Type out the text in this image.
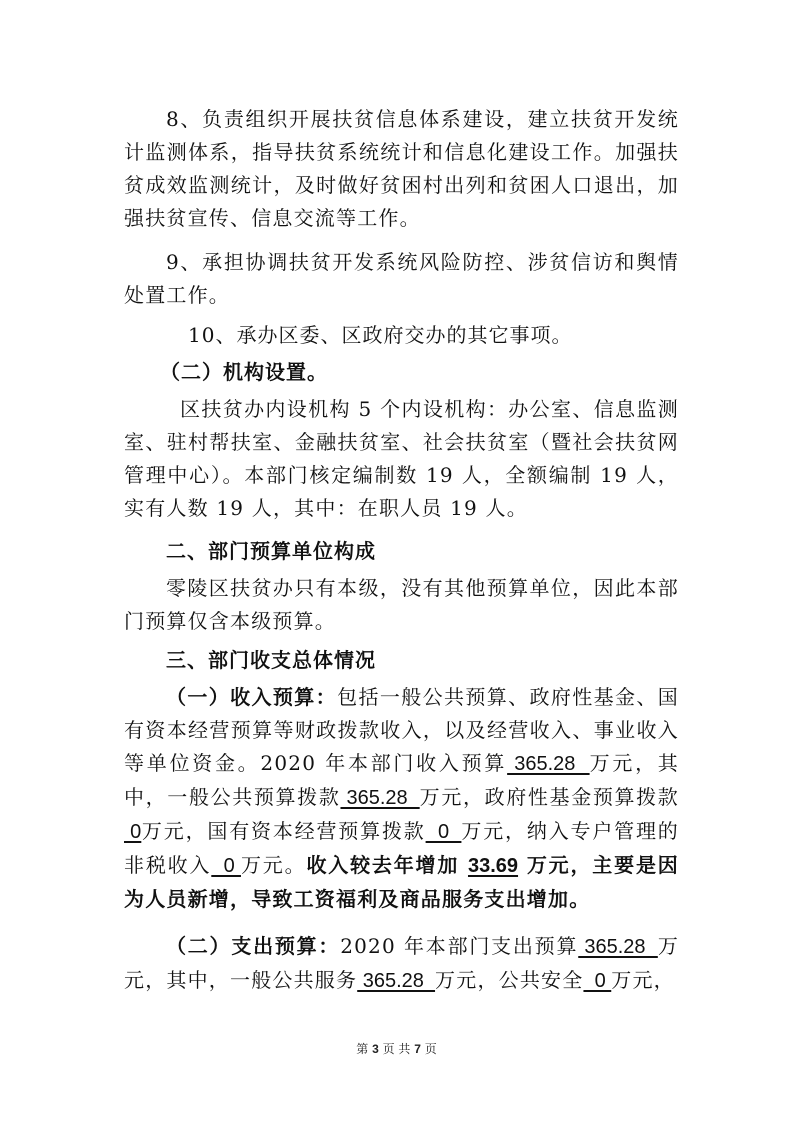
8、负责组织开展扶贫信息体系建设，建立扶贫开发统计监测体系，指导扶贫系统统计和信息化建设工作。加强扶贫成效监测统计，及时做好贫困村出列和贫困人口退出，加强扶贫宣传、信息交流等工作。

9、承担协调扶贫开发系统风险防控、涉贫信访和舆情处置工作。

10、承办区委、区政府交办的其它事项。

（二）机构设置。

区扶贫办内设机构 5 个内设机构：办公室、信息监测室、驻村帮扶室、金融扶贫室、社会扶贫室（暨社会扶贫网管理中心）。本部门核定编制数 19 人，全额编制 19 人，实有人数 19 人，其中：在职人员 19 人。

二、部门预算单位构成

零陵区扶贫办只有本级，没有其他预算单位，因此本部门预算仅含本级预算。

三、部门收支总体情况

（一）收入预算：包括一般公共预算、政府性基金、国有资本经营预算等财政拨款收入，以及经营收入、事业收入等单位资金。2020 年本部门收入预算 365.28  万元，其中，一般公共预算拨款 365.28  万元，政府性基金预算拨款 0万元，国有资本经营预算拨款  0  万元，纳入专户管理的非税收入  0 万元。收入较去年增加 33.69 万元，主要是因为人员新增，导致工资福利及商品服务支出增加。

（二）支出预算：2020 年本部门支出预算 365.28  万元，其中，一般公共服务 365.28  万元，公共安全  0 万元，

第 3 页 共 7 页
